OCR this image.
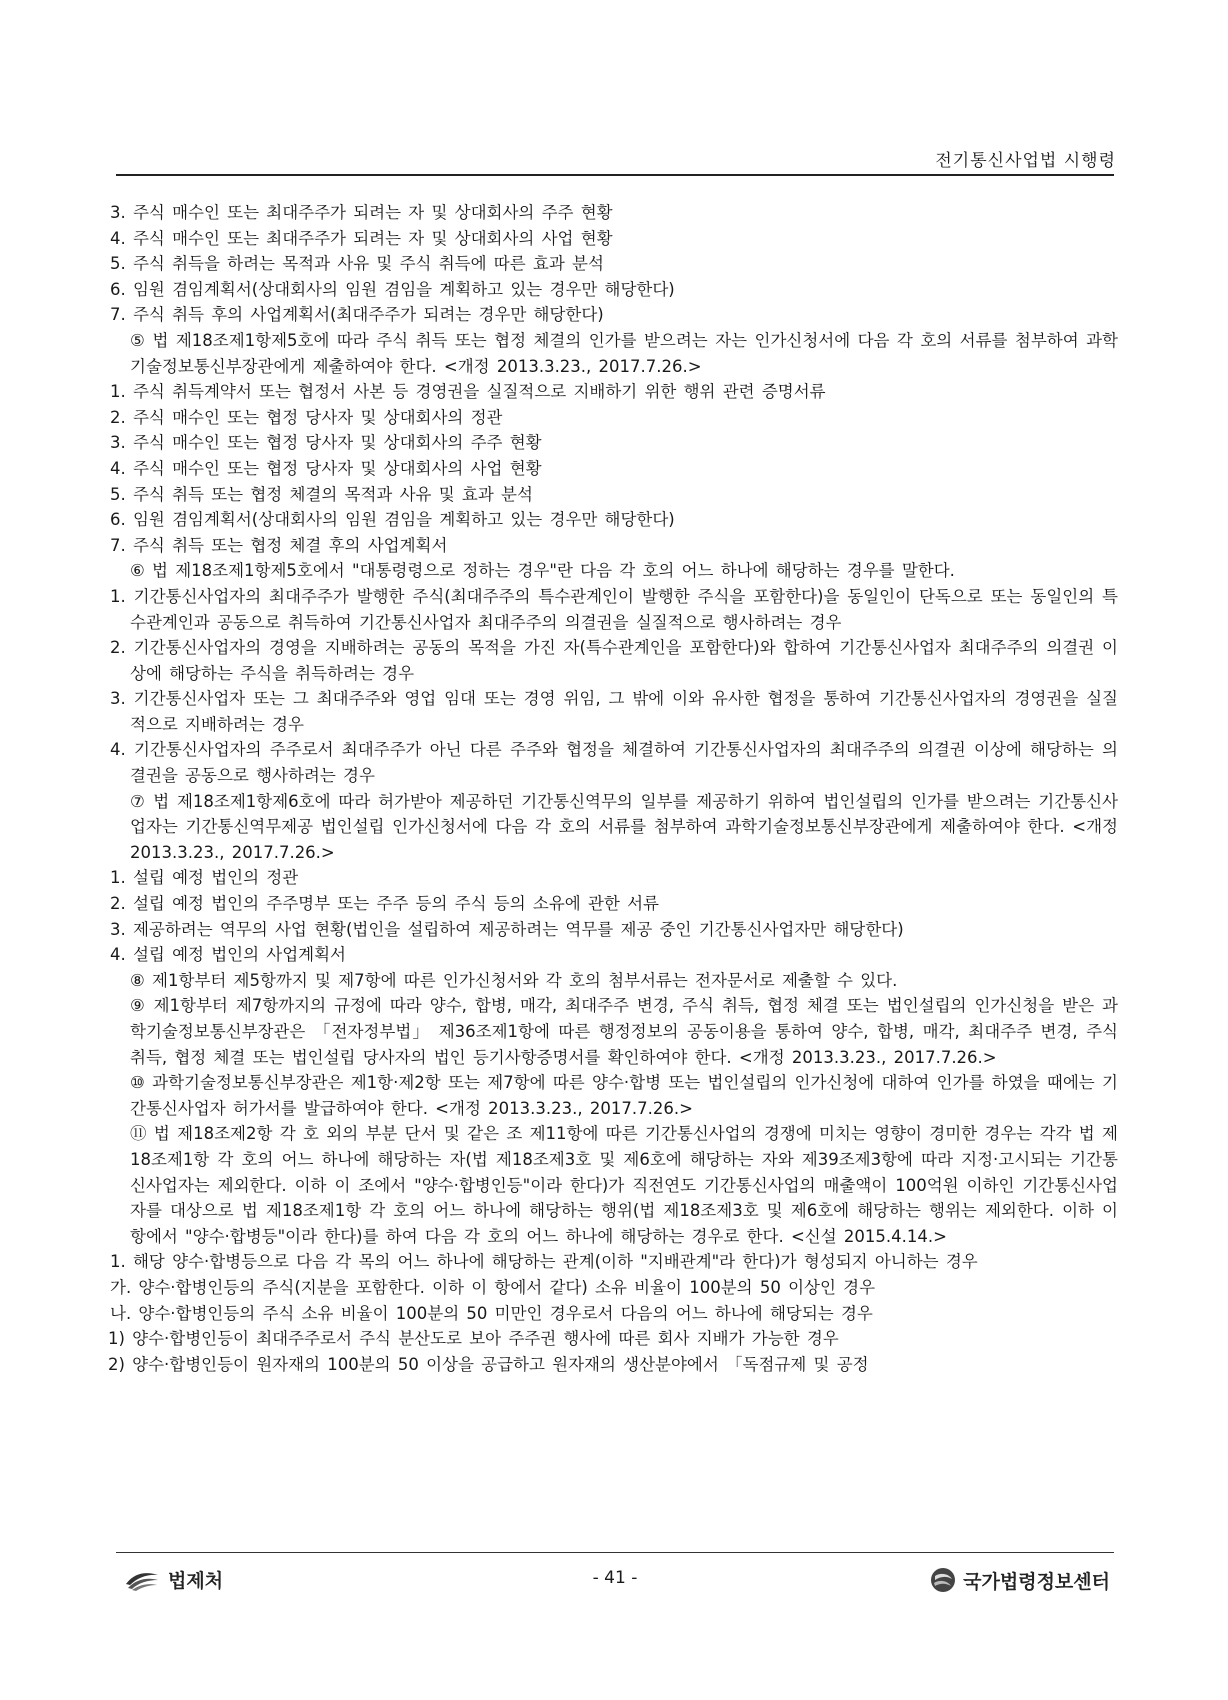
전기통신사업법 시행령

3. 주식 매수인 또는 최대주주가 되려는 자 및 상대회사의 주주 현황

4. 주식 매수인 또는 최대주주가 되려는 자 및 상대회사의 사업 현황

5. 주식 취득을 하려는 목적과 사유 및 주식 취득에 따른 효과 분석

6. 임원 겸임계획서(상대회사의 임원 겸임을 계획하고 있는 경우만 해당한다)

7. 주식 취득 후의 사업계획서(최대주주가 되려는 경우만 해당한다)

⑤ 법 제18조제1항제5호에 따라 주식 취득 또는 협정 체결의 인가를 받으려는 자는 인가신청서에 다음 각 호의 서류를 첨부하여 과학기술정보통신부장관에게 제출하여야 한다. <개정 2013.3.23., 2017.7.26.>

1. 주식 취득계약서 또는 협정서 사본 등 경영권을 실질적으로 지배하기 위한 행위 관련 증명서류

2. 주식 매수인 또는 협정 당사자 및 상대회사의 정관

3. 주식 매수인 또는 협정 당사자 및 상대회사의 주주 현황

4. 주식 매수인 또는 협정 당사자 및 상대회사의 사업 현황

5. 주식 취득 또는 협정 체결의 목적과 사유 및 효과 분석

6. 임원 겸임계획서(상대회사의 임원 겸임을 계획하고 있는 경우만 해당한다)

7. 주식 취득 또는 협정 체결 후의 사업계획서

⑥ 법 제18조제1항제5호에서 "대통령령으로 정하는 경우"란 다음 각 호의 어느 하나에 해당하는 경우를 말한다.

1. 기간통신사업자의 최대주주가 발행한 주식(최대주주의 특수관계인이 발행한 주식을 포함한다)을 동일인이 단독으로 또는 동일인의 특수관계인과 공동으로 취득하여 기간통신사업자 최대주주의 의결권을 실질적으로 행사하려는 경우

2. 기간통신사업자의 경영을 지배하려는 공동의 목적을 가진 자(특수관계인을 포함한다)와 합하여 기간통신사업자 최대주주의 의결권 이상에 해당하는 주식을 취득하려는 경우

3. 기간통신사업자 또는 그 최대주주와 영업 임대 또는 경영 위임, 그 밖에 이와 유사한 협정을 통하여 기간통신사업자의 경영권을 실질적으로 지배하려는 경우

4. 기간통신사업자의 주주로서 최대주주가 아닌 다른 주주와 협정을 체결하여 기간통신사업자의 최대주주의 의결권 이상에 해당하는 의결권을 공동으로 행사하려는 경우

⑦ 법 제18조제1항제6호에 따라 허가받아 제공하던 기간통신역무의 일부를 제공하기 위하여 법인설립의 인가를 받으려는 기간통신사업자는 기간통신역무제공 법인설립 인가신청서에 다음 각 호의 서류를 첨부하여 과학기술정보통신부장관에게 제출하여야 한다. <개정 2013.3.23., 2017.7.26.>

1. 설립 예정 법인의 정관

2. 설립 예정 법인의 주주명부 또는 주주 등의 주식 등의 소유에 관한 서류

3. 제공하려는 역무의 사업 현황(법인을 설립하여 제공하려는 역무를 제공 중인 기간통신사업자만 해당한다)

4. 설립 예정 법인의 사업계획서

⑧ 제1항부터 제5항까지 및 제7항에 따른 인가신청서와 각 호의 첨부서류는 전자문서로 제출할 수 있다.

⑨ 제1항부터 제7항까지의 규정에 따라 양수, 합병, 매각, 최대주주 변경, 주식 취득, 협정 체결 또는 법인설립의 인가신청을 받은 과학기술정보통신부장관은 「전자정부법」 제36조제1항에 따른 행정정보의 공동이용을 통하여 양수, 합병, 매각, 최대주주 변경, 주식 취득, 협정 체결 또는 법인설립 당사자의 법인 등기사항증명서를 확인하여야 한다. <개정 2013.3.23., 2017.7.26.>

⑩ 과학기술정보통신부장관은 제1항·제2항 또는 제7항에 따른 양수·합병 또는 법인설립의 인가신청에 대하여 인가를 하였을 때에는 기간통신사업자 허가서를 발급하여야 한다. <개정 2013.3.23., 2017.7.26.>

⑪ 법 제18조제2항 각 호 외의 부분 단서 및 같은 조 제11항에 따른 기간통신사업의 경쟁에 미치는 영향이 경미한 경우는 각각 법 제18조제1항 각 호의 어느 하나에 해당하는 자(법 제18조제3호 및 제6호에 해당하는 자와 제39조제3항에 따라 지정·고시되는 기간통신사업자는 제외한다. 이하 이 조에서 "양수·합병인등"이라 한다)가 직전연도 기간통신사업의 매출액이 100억원 이하인 기간통신사업자를 대상으로 법 제18조제1항 각 호의 어느 하나에 해당하는 행위(법 제18조제3호 및 제6호에 해당하는 행위는 제외한다. 이하 이 항에서 "양수·합병등"이라 한다)를 하여 다음 각 호의 어느 하나에 해당하는 경우로 한다. <신설 2015.4.14.>

1. 해당 양수·합병등으로 다음 각 목의 어느 하나에 해당하는 관계(이하 "지배관계"라 한다)가 형성되지 아니하는 경우

가. 양수·합병인등의 주식(지분을 포함한다. 이하 이 항에서 같다) 소유 비율이 100분의 50 이상인 경우

나. 양수·합병인등의 주식 소유 비율이 100분의 50 미만인 경우로서 다음의 어느 하나에 해당되는 경우

1) 양수·합병인등이 최대주주로서 주식 분산도로 보아 주주권 행사에 따른 회사 지배가 가능한 경우

2) 양수·합병인등이 원자재의 100분의 50 이상을 공급하고 원자재의 생산분야에서 「독점규제 및 공정

법제처	- 41 -	국가법령정보센터
